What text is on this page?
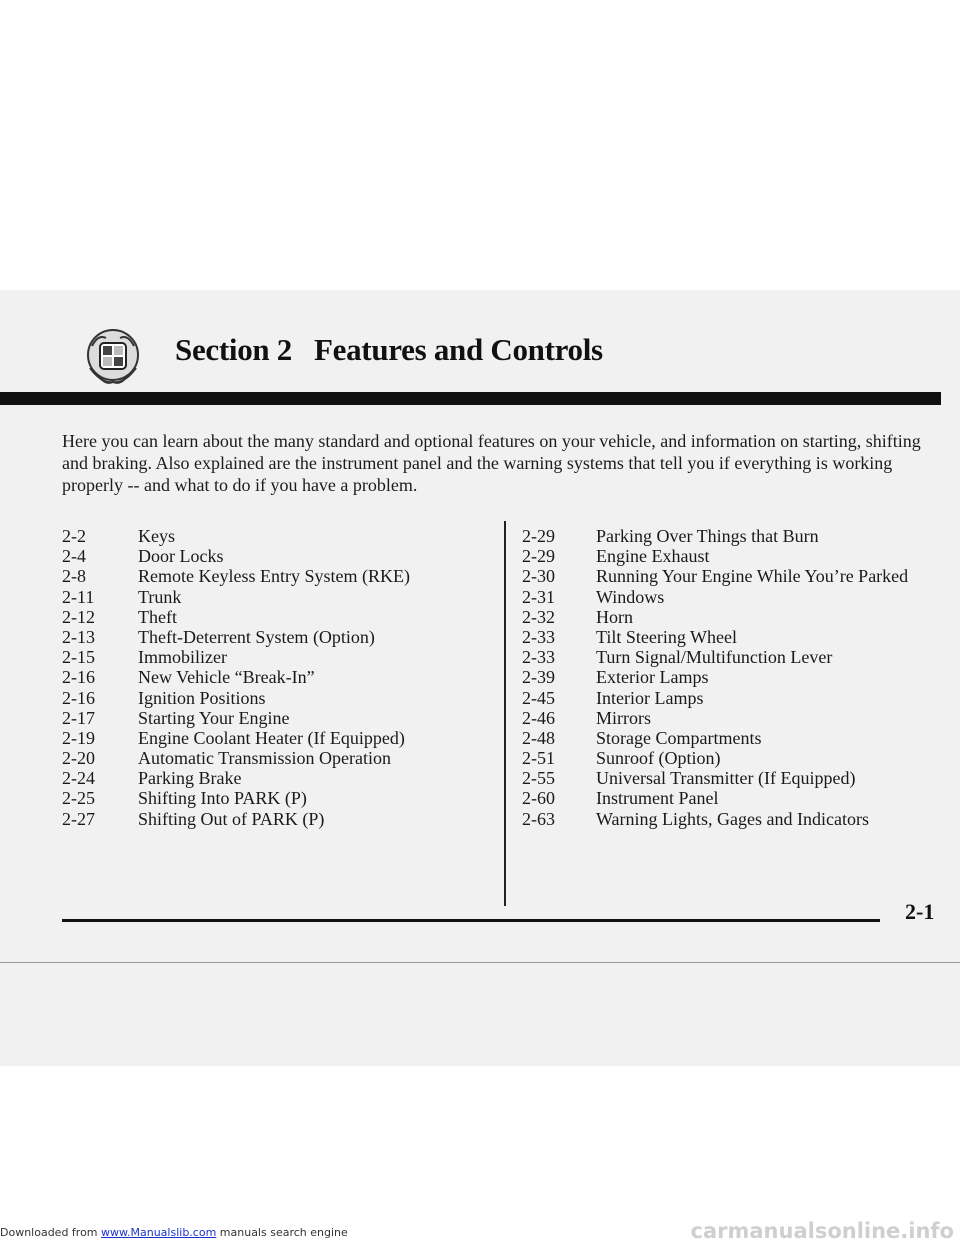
Section 2 Features and Controls

Here you can learn about the many standard and optional features on your vehicle, and information on starting, shifting and braking. Also explained are the instrument panel and the warning systems that tell you if everything is working properly -- and what to do if you have a problem.

2-2	Keys
2-4	Door Locks
2-8	Remote Keyless Entry System (RKE)
2-11	Trunk
2-12	Theft
2-13	Theft-Deterrent System (Option)
2-15	Immobilizer
2-16	New Vehicle “Break-In”
2-16	Ignition Positions
2-17	Starting Your Engine
2-19	Engine Coolant Heater (If Equipped)
2-20	Automatic Transmission Operation
2-24	Parking Brake
2-25	Shifting Into PARK (P)
2-27	Shifting Out of PARK (P)
2-29	Parking Over Things that Burn
2-29	Engine Exhaust
2-30	Running Your Engine While You’re Parked
2-31	Windows
2-32	Horn
2-33	Tilt Steering Wheel
2-33	Turn Signal/Multifunction Lever
2-39	Exterior Lamps
2-45	Interior Lamps
2-46	Mirrors
2-48	Storage Compartments
2-51	Sunroof (Option)
2-55	Universal Transmitter (If Equipped)
2-60	Instrument Panel
2-63	Warning Lights, Gages and Indicators

2-1

Downloaded from www.Manualslib.com manuals search engine	carmanualsonline.info
